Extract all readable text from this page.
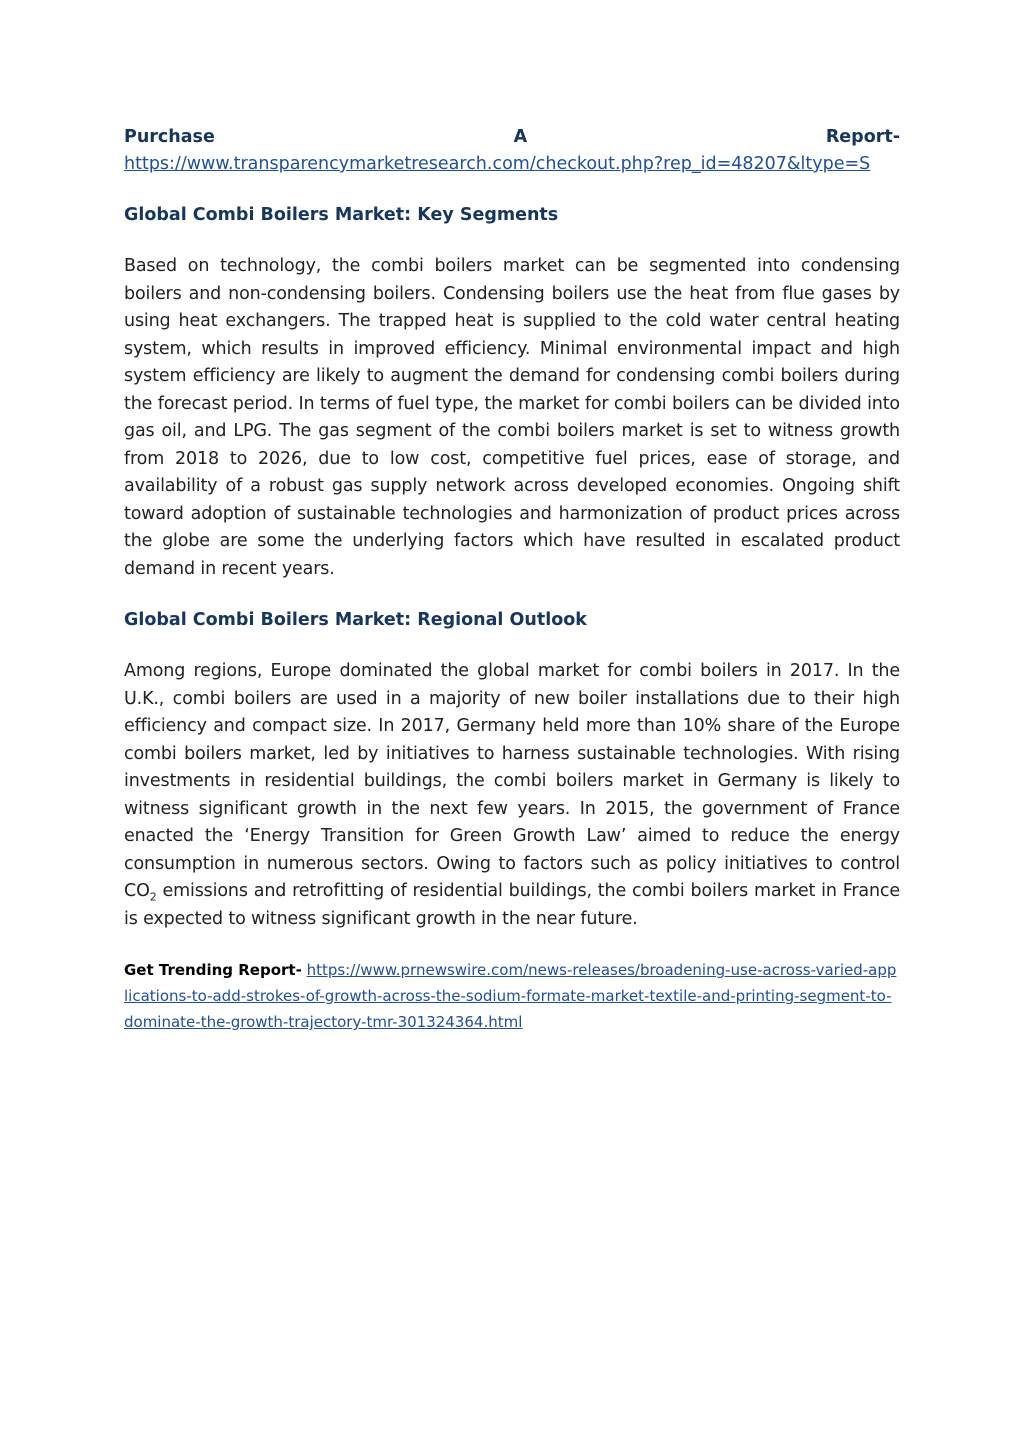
Purchase	A	Report-
https://www.transparencymarketresearch.com/checkout.php?rep_id=48207&ltype=S
Global Combi Boilers Market: Key Segments

Based on technology, the combi boilers market can be segmented into condensing boilers and non-condensing boilers. Condensing boilers use the heat from flue gases by using heat exchangers. The trapped heat is supplied to the cold water central heating system, which results in improved efficiency. Minimal environmental impact and high system efficiency are likely to augment the demand for condensing combi boilers during the forecast period. In terms of fuel type, the market for combi boilers can be divided into gas oil, and LPG. The gas segment of the combi boilers market is set to witness growth from 2018 to 2026, due to low cost, competitive fuel prices, ease of storage, and availability of a robust gas supply network across developed economies. Ongoing shift toward adoption of sustainable technologies and harmonization of product prices across the globe are some the underlying factors which have resulted in escalated product demand in recent years.

Global Combi Boilers Market: Regional Outlook

Among regions, Europe dominated the global market for combi boilers in 2017. In the U.K., combi boilers are used in a majority of new boiler installations due to their high efficiency and compact size. In 2017, Germany held more than 10% share of the Europe combi boilers market, led by initiatives to harness sustainable technologies. With rising investments in residential buildings, the combi boilers market in Germany is likely to witness significant growth in the next few years. In 2015, the government of France enacted the ‘Energy Transition for Green Growth Law’ aimed to reduce the energy consumption in numerous sectors. Owing to factors such as policy initiatives to control $CO_2$ emissions and retrofitting of residential buildings, the combi boilers market in France is expected to witness significant growth in the near future.

Get Trending Report- https://www.prnewswire.com/news-releases/broadening-use-across-varied-applications-to-add-strokes-of-growth-across-the-sodium-formate-market-textile-and-printing-segment-to-dominate-the-growth-trajectory-tmr-301324364.html
